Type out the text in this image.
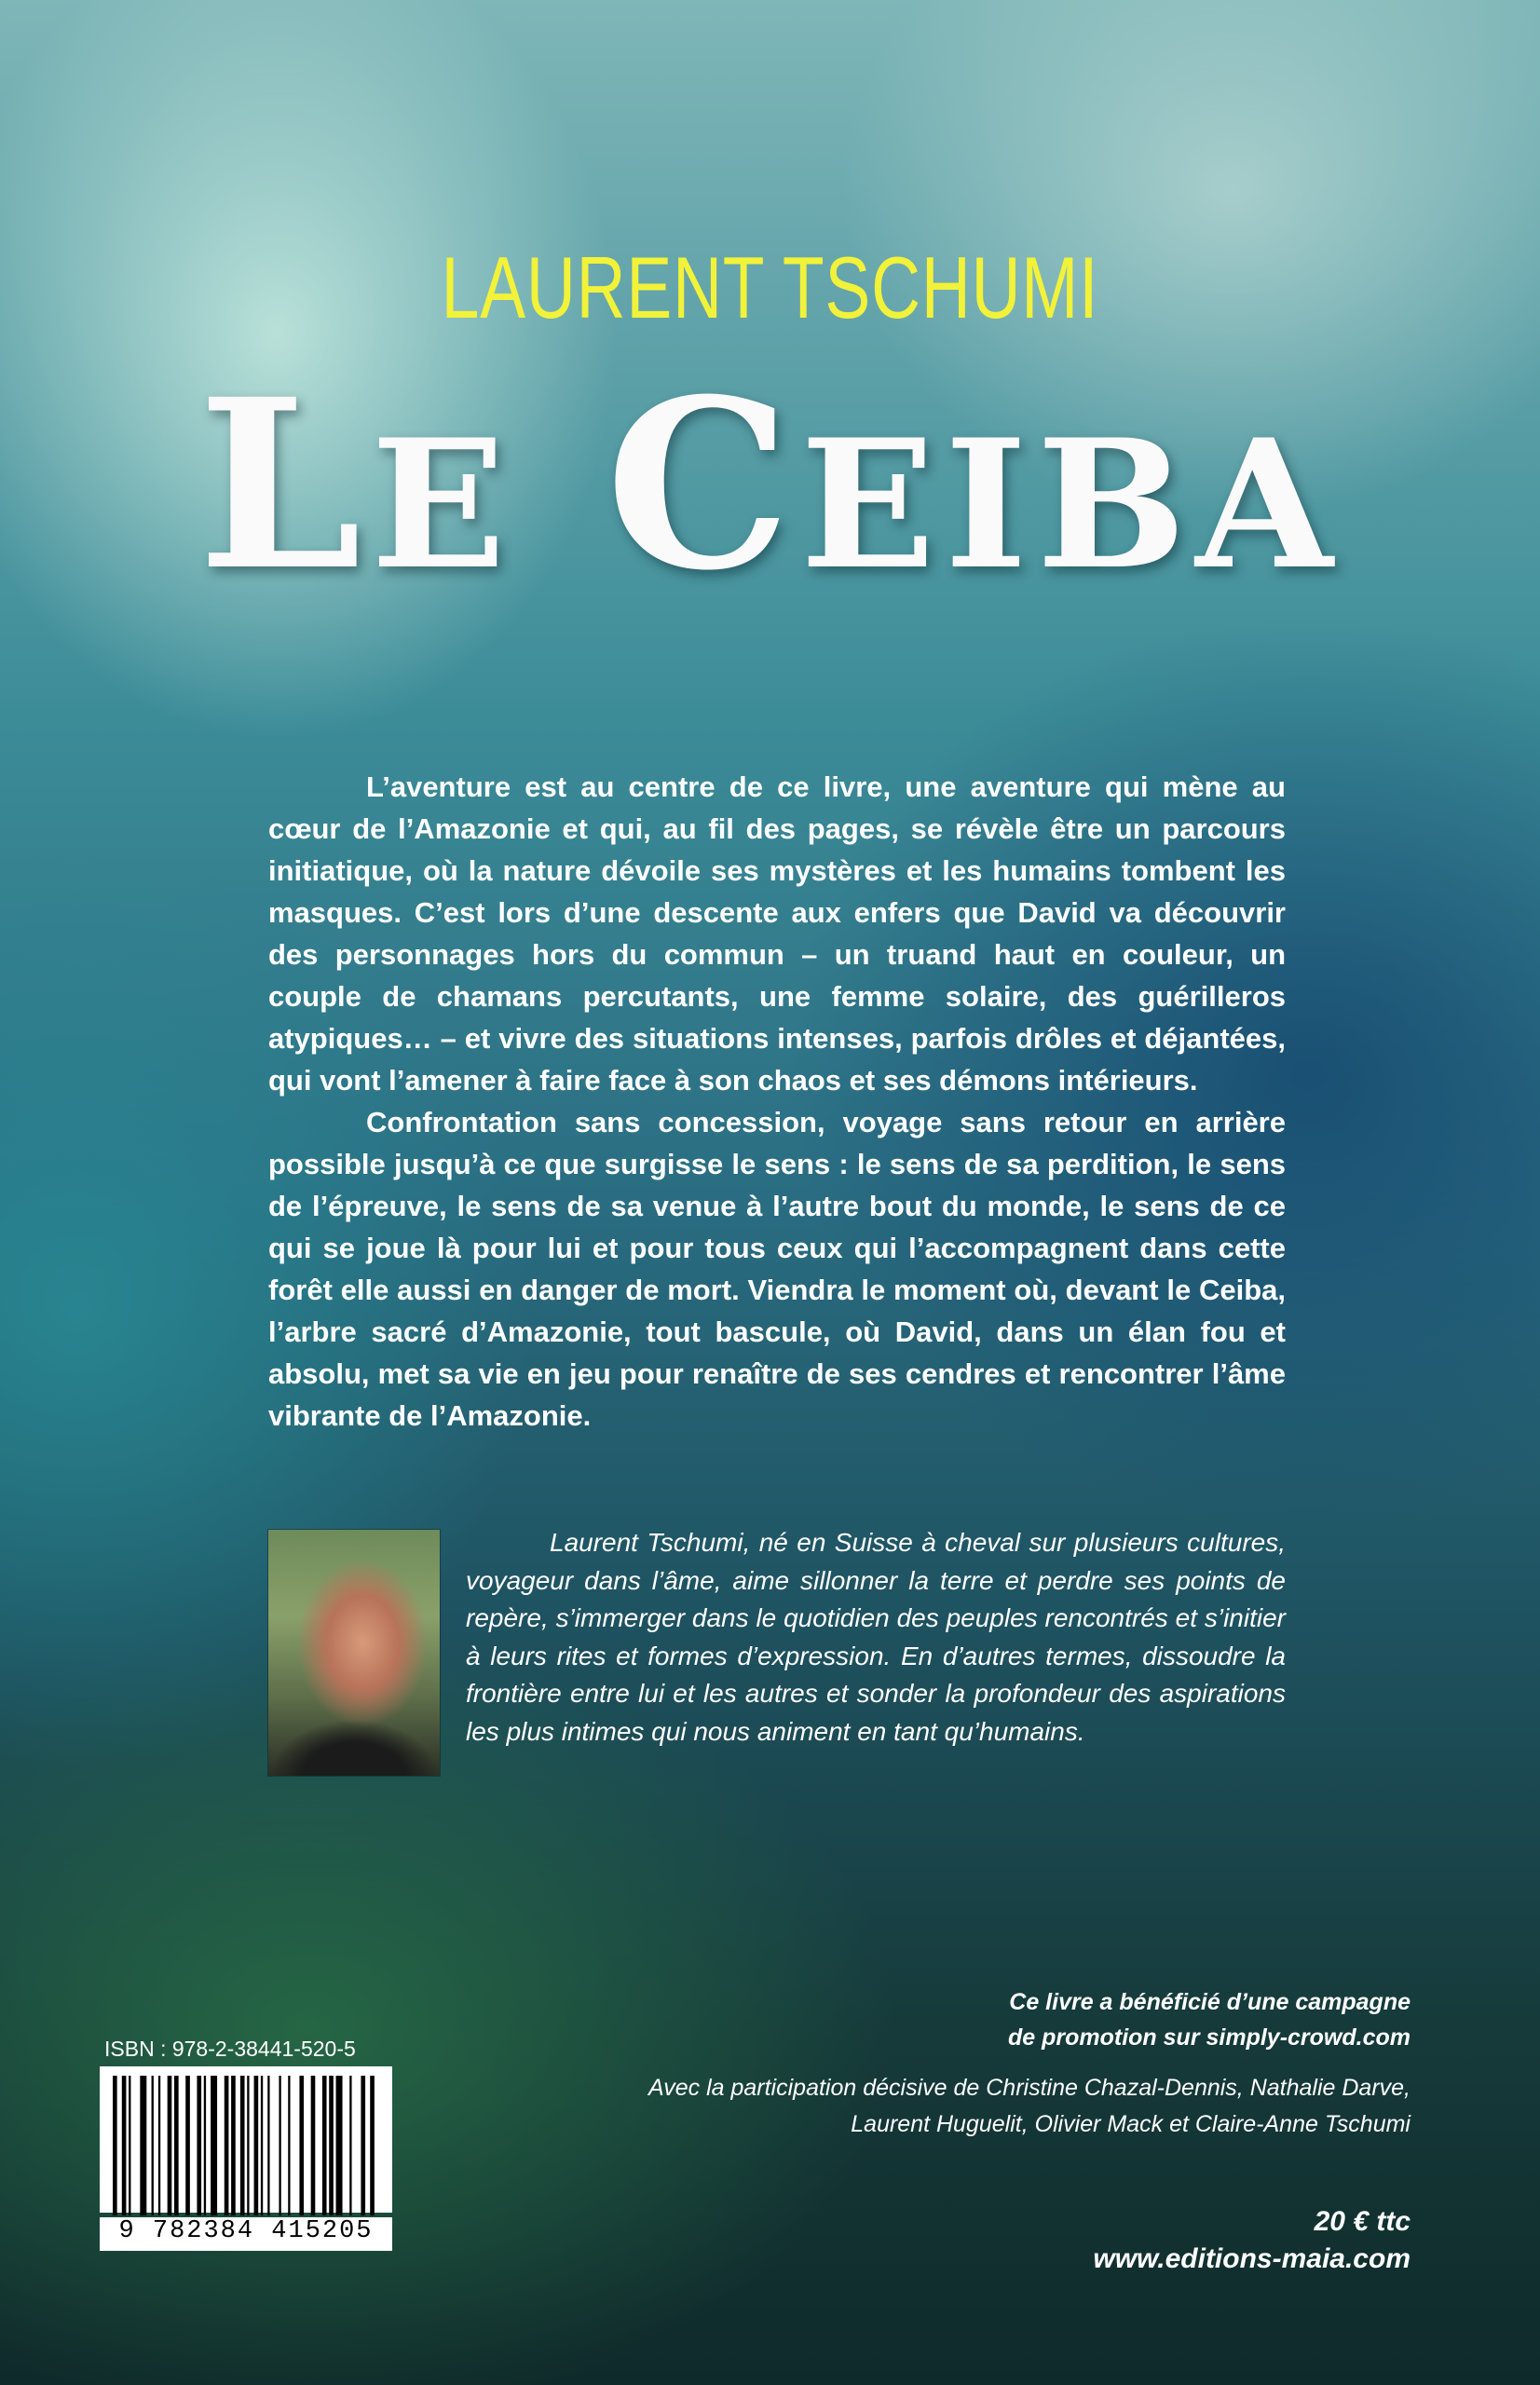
LAURENT TSCHUMI
LE CEIBA

L’aventure est au centre de ce livre, une aventure qui mène au cœur de l’Amazonie et qui, au fil des pages, se révèle être un parcours initiatique, où la nature dévoile ses mystères et les humains tombent les masques. C’est lors d’une descente aux enfers que David va découvrir des personnages hors du commun – un truand haut en couleur, un couple de chamans percutants, une femme solaire, des guérilleros atypiques… – et vivre des situations intenses, parfois drôles et déjantées, qui vont l’amener à faire face à son chaos et ses démons intérieurs.

Confrontation sans concession, voyage sans retour en arrière possible jusqu’à ce que surgisse le sens : le sens de sa perdition, le sens de l’épreuve, le sens de sa venue à l’autre bout du monde, le sens de ce qui se joue là pour lui et pour tous ceux qui l’accompagnent dans cette forêt elle aussi en danger de mort. Viendra le moment où, devant le Ceiba, l’arbre sacré d’Amazonie, tout bascule, où David, dans un élan fou et absolu, met sa vie en jeu pour renaître de ses cendres et rencontrer l’âme vibrante de l’Amazonie.

Laurent Tschumi, né en Suisse à cheval sur plusieurs cultures, voyageur dans l’âme, aime sillonner la terre et perdre ses points de repère, s’immerger dans le quotidien des peuples rencontrés et s’initier à leurs rites et formes d’expression. En d’autres termes, dissoudre la frontière entre lui et les autres et sonder la profondeur des aspirations les plus intimes qui nous animent en tant qu’humains.

Ce livre a bénéficié d’une campagne
de promotion sur simply-crowd.com
Avec la participation décisive de Christine Chazal-Dennis, Nathalie Darve,
Laurent Huguelit, Olivier Mack et Claire-Anne Tschumi
20 € ttc
www.editions-maia.com
ISBN : 978-2-38441-520-5
9 782384 415205
